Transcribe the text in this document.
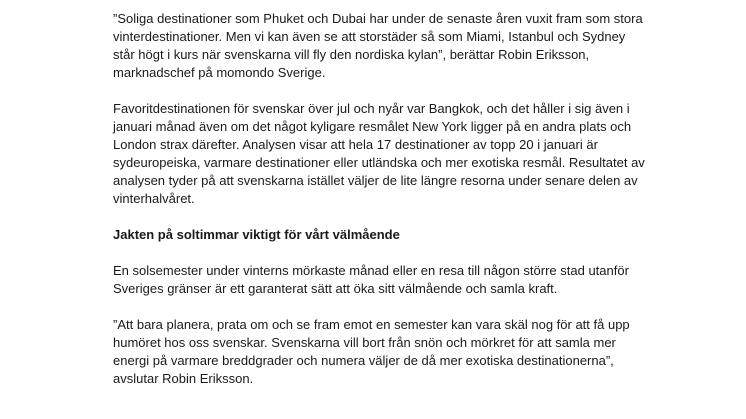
”Soliga destinationer som Phuket och Dubai har under de senaste åren vuxit fram som stora
vinterdestinationer. Men vi kan även se att storstäder så som Miami, Istanbul och Sydney
står högt i kurs när svenskarna vill fly den nordiska kylan”, berättar Robin Eriksson,
marknadschef på momondo Sverige.

Favoritdestinationen för svenskar över jul och nyår var Bangkok, och det håller i sig även i
januari månad även om det något kyligare resmålet New York ligger på en andra plats och
London strax därefter. Analysen visar att hela 17 destinationer av topp 20 i januari är
sydeuropeiska, varmare destinationer eller utländska och mer exotiska resmål. Resultatet av
analysen tyder på att svenskarna istället väljer de lite längre resorna under senare delen av
vinterhalvåret.

Jakten på soltimmar viktigt för vårt välmående

En solsemester under vinterns mörkaste månad eller en resa till någon större stad utanför
Sveriges gränser är ett garanterat sätt att öka sitt välmående och samla kraft.

”Att bara planera, prata om och se fram emot en semester kan vara skäl nog för att få upp
humöret hos oss svenskar. Svenskarna vill bort från snön och mörkret för att samla mer
energi på varmare breddgrader och numera väljer de då mer exotiska destinationerna”,
avslutar Robin Eriksson.
